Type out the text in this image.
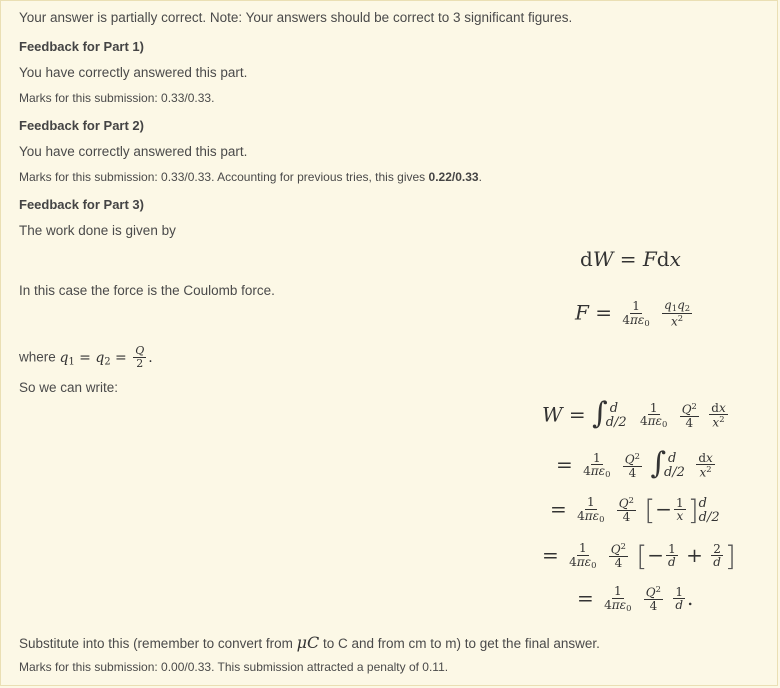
Your answer is partially correct. Note: Your answers should be correct to 3 significant figures.
Feedback for Part 1)
You have correctly answered this part.
Marks for this submission: 0.33/0.33.
Feedback for Part 2)
You have correctly answered this part.
Marks for this submission: 0.33/0.33. Accounting for previous tries, this gives 0.22/0.33.
Feedback for Part 3)
The work done is given by
dW = Fdx
In this case the force is the Coulomb force.
$F = \frac{1}{4\pi\varepsilon_0}$
$\frac{q_1q_2}{x^2}$
where $q_1 = q_2 = \frac{Q}{2}$ .
So we can write:
W = ∫ d
d/2
$\frac{1}{4\pi\varepsilon_0}$
$\frac{Q^2}{4}$
$\frac{dx}{x^2}$
= $\frac{1}{4\pi\varepsilon_0}$
$\frac{Q^2}{4}$ ∫ d
d/2
$\frac{dx}{x^2}$
= $\frac{1}{4\pi\varepsilon_0}$
$\frac{Q^2}{4}$ [− $\frac{1}{x}$ ] d
d/2
= $\frac{1}{4\pi\varepsilon_0}$
$\frac{Q^2}{4}$ [− $\frac{1}{d} + \frac{2}{d}$ ]
= $\frac{1}{4\pi\varepsilon_0}$
$\frac{Q^2}{4}$
$\frac{1}{d}$ .
Substitute into this (remember to convert from μC to C and from cm to m) to get the final answer.
Marks for this submission: 0.00/0.33. This submission attracted a penalty of 0.11.
